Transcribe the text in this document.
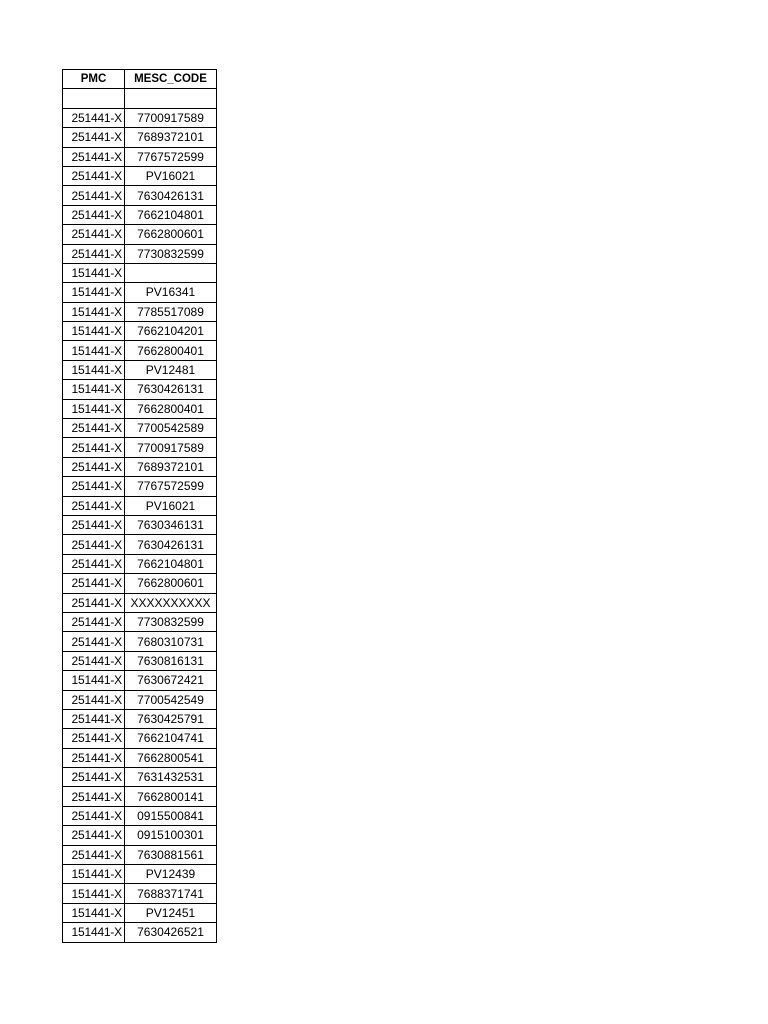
PMC	MESC_CODE

251441-X	7700917589
251441-X	7689372101
251441-X	7767572599
251441-X	PV16021
251441-X	7630426131
251441-X	7662104801
251441-X	7662800601
251441-X	7730832599
151441-X	
151441-X	PV16341
151441-X	7785517089
151441-X	7662104201
151441-X	7662800401
151441-X	PV12481
151441-X	7630426131
151441-X	7662800401
251441-X	7700542589
251441-X	7700917589
251441-X	7689372101
251441-X	7767572599
251441-X	PV16021
251441-X	7630346131
251441-X	7630426131
251441-X	7662104801
251441-X	7662800601
251441-X	XXXXXXXXXX
251441-X	7730832599
251441-X	7680310731
251441-X	7630816131
151441-X	7630672421
251441-X	7700542549
251441-X	7630425791
251441-X	7662104741
251441-X	7662800541
251441-X	7631432531
251441-X	7662800141
251441-X	0915500841
251441-X	0915100301
251441-X	7630881561
151441-X	PV12439
151441-X	7688371741
151441-X	PV12451
151441-X	7630426521
